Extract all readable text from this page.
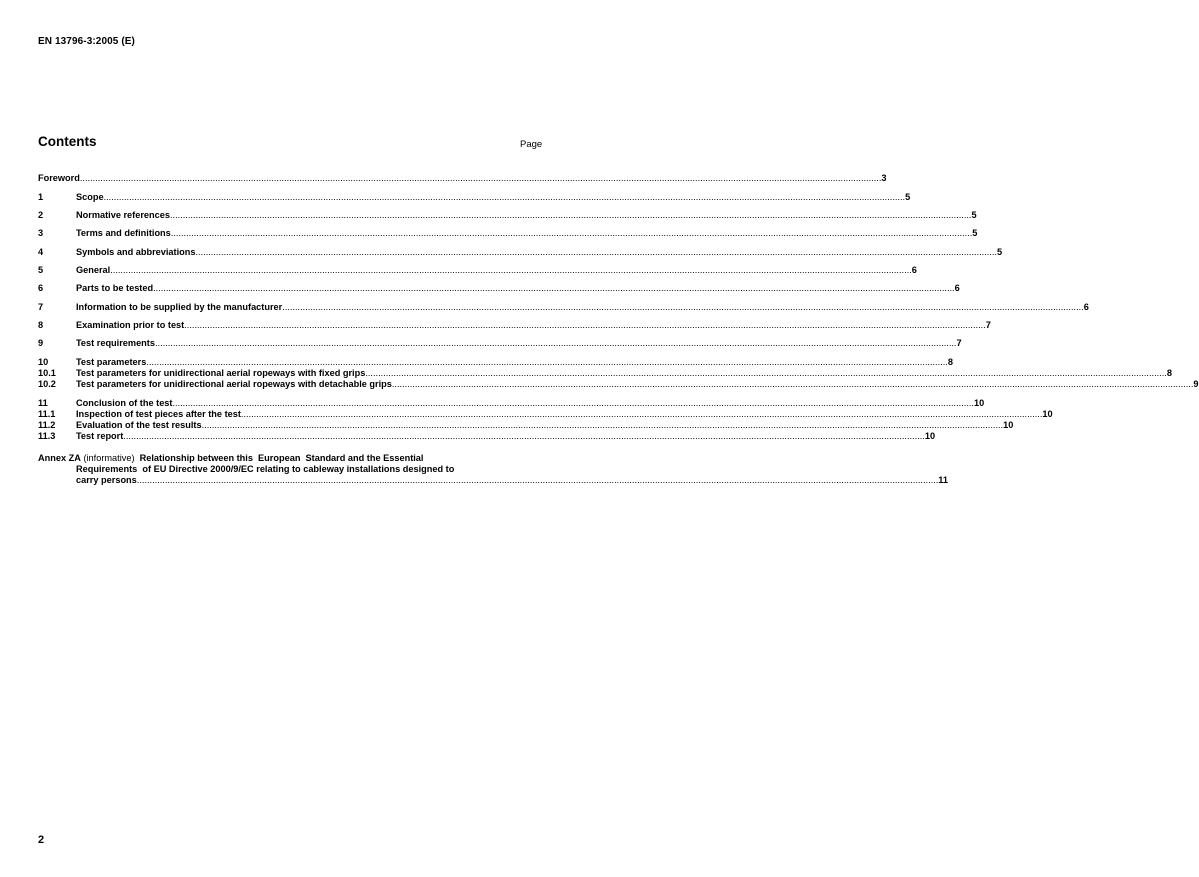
EN 13796-3:2005 (E)
Contents	Page
Foreword .....	3
1	Scope .....	5
2	Normative references .....	5
3	Terms and definitions .....	5
4	Symbols and abbreviations .....	5
5	General .....	6
6	Parts to be tested .....	6
7	Information to be supplied by the manufacturer .....	6
8	Examination prior to test .....	7
9	Test requirements .....	7
10	Test parameters .....	8
10.1	Test parameters for unidirectional aerial ropeways with fixed grips .....	8
10.2	Test parameters for unidirectional aerial ropeways with detachable grips .....	9
11	Conclusion of the test .....	10
11.1	Inspection of test pieces after the test .....	10
11.2	Evaluation of the test results .....	10
11.3	Test report .....	10
Annex ZA
(informative)
Relationship between this  European  Standard and the Essential
Requirements  of EU Directive 2000/9/EC relating to cableway installations designed to
carry persons .....	11
2
